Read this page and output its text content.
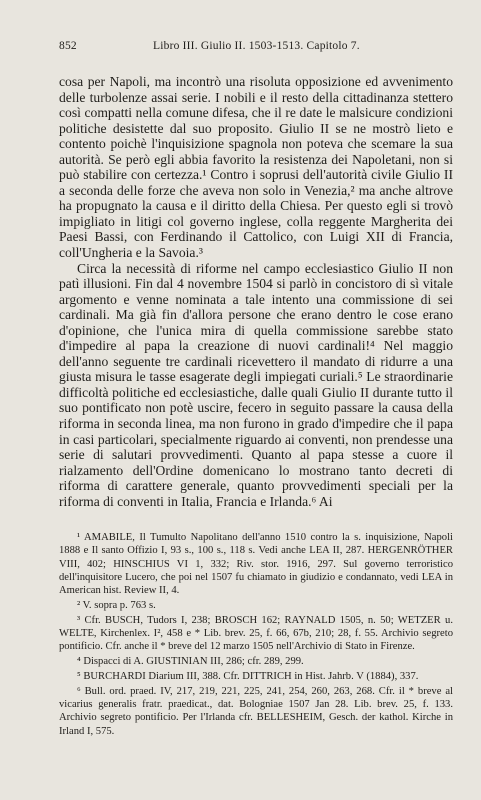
852	Libro III. Giulio II. 1503-1513. Capitolo 7.

cosa per Napoli, ma incontrò una risoluta opposizione ed avvenimento delle turbolenze assai serie. I nobili e il resto della cittadinanza stettero così compatti nella comune difesa, che il re date le malsicure condizioni politiche desistette dal suo proposito. Giulio II se ne mostrò lieto e contento poichè l'inquisizione spagnola non poteva che scemare la sua autorità. Se però egli abbia favorito la resistenza dei Napoletani, non si può stabilire con certezza.¹ Contro i soprusi dell'autorità civile Giulio II a seconda delle forze che aveva non solo in Venezia,² ma anche altrove ha propugnato la causa e il diritto della Chiesa. Per questo egli si trovò impigliato in litigi col governo inglese, colla reggente Margherita dei Paesi Bassi, con Ferdinando il Cattolico, con Luigi XII di Francia, coll'Ungheria e la Savoia.³

Circa la necessità di riforme nel campo ecclesiastico Giulio II non patì illusioni. Fin dal 4 novembre 1504 si parlò in concistoro di sì vitale argomento e venne nominata a tale intento una commissione di sei cardinali. Ma già fin d'allora persone che erano dentro le cose erano d'opinione, che l'unica mira di quella commissione sarebbe stato d'impedire al papa la creazione di nuovi cardinali!⁴ Nel maggio dell'anno seguente tre cardinali ricevettero il mandato di ridurre a una giusta misura le tasse esagerate degli impiegati curiali.⁵ Le straordinarie difficoltà politiche ed ecclesiastiche, dalle quali Giulio II durante tutto il suo pontificato non potè uscire, fecero in seguito passare la causa della riforma in seconda linea, ma non furono in grado d'impedire che il papa in casi particolari, specialmente riguardo ai conventi, non prendesse una serie di salutari provvedimenti. Quanto al papa stesse a cuore il rialzamento dell'Ordine domenicano lo mostrano tanto decreti di riforma di carattere generale, quanto provvedimenti speciali per la riforma di conventi in Italia, Francia e Irlanda.⁶ Ai

¹ AMABILE, Il Tumulto Napolitano dell'anno 1510 contro la s. inquisizione, Napoli 1888 e Il santo Offizio I, 93 s., 100 s., 118 s. Vedi anche LEA II, 287. HERGENRÖTHER VIII, 402; HINSCHIUS VI 1, 332; Riv. stor. 1916, 297. Sul governo terroristico dell'inquisitore Lucero, che poi nel 1507 fu chiamato in giudizio e condannato, vedi LEA in American hist. Review II, 4.

² V. sopra p. 763 s.

³ Cfr. BUSCH, Tudors I, 238; BROSCH 162; RAYNALD 1505, n. 50; WETZER u. WELTE, Kirchenlex. I², 458 e * Lib. brev. 25, f. 66, 67b, 210; 28, f. 55. Archivio segreto pontificio. Cfr. anche il * breve del 12 marzo 1505 nell'Archivio di Stato in Firenze.

⁴ Dispacci di A. GIUSTINIAN III, 286; cfr. 289, 299.

⁵ BURCHARDI Diarium III, 388. Cfr. DITTRICH in Hist. Jahrb. V (1884), 337.

⁶ Bull. ord. praed. IV, 217, 219, 221, 225, 241, 254, 260, 263, 268. Cfr. il * breve al vicarius generalis fratr. praedicat., dat. Bologniae 1507 Jan 28. Lib. brev. 25, f. 133. Archivio segreto pontificio. Per l'Irlanda cfr. BELLESHEIM, Gesch. der kathol. Kirche in Irland I, 575.
